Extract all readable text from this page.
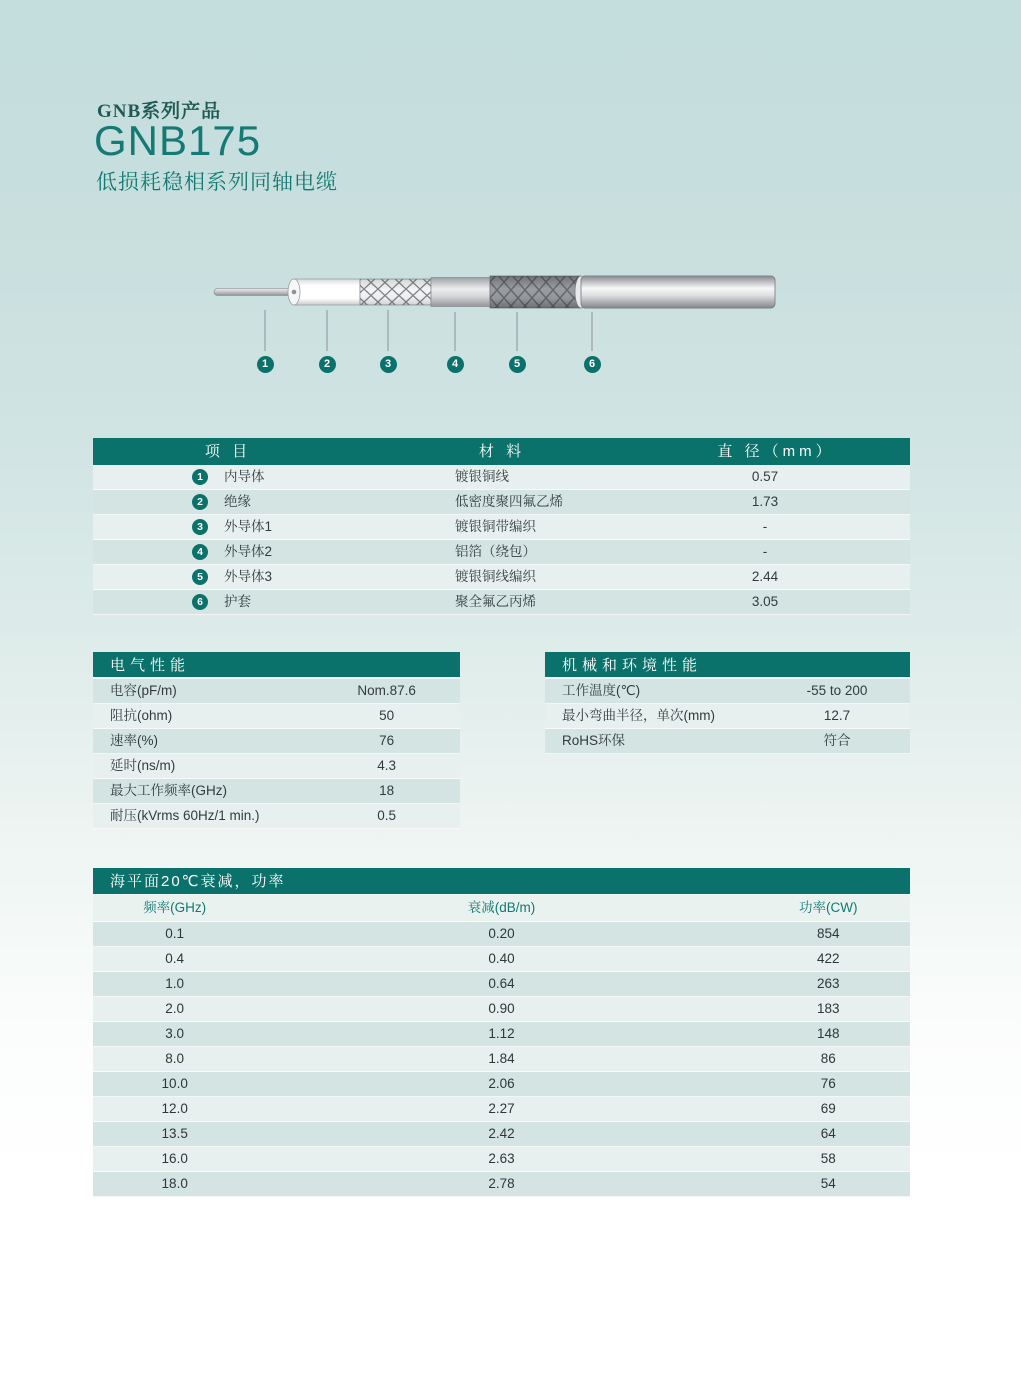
GNB系列产品
GNB175
低损耗稳相系列同轴电缆
1	2	3	4	5	6
项 目	材 料	直 径（mm）
1	内导体	镀银铜线	0.57
2	绝缘	低密度聚四氟乙烯	1.73
3	外导体1	镀银铜带编织	-
4	外导体2	铝箔（绕包）	-
5	外导体3	镀银铜线编织	2.44
6	护套	聚全氟乙丙烯	3.05
电气性能
电容(pF/m)	Nom.87.6
阻抗(ohm)	50
速率(%)	76
延时(ns/m)	4.3
最大工作频率(GHz)	18
耐压(kVrms 60Hz/1 min.)	0.5
机械和环境性能
工作温度(℃)	-55 to 200
最小弯曲半径，单次(mm)	12.7
RoHS环保	符合
海平面20℃衰减，功率
频率(GHz)	衰减(dB/m)	功率(CW)
0.1	0.20	854
0.4	0.40	422
1.0	0.64	263
2.0	0.90	183
3.0	1.12	148
8.0	1.84	86
10.0	2.06	76
12.0	2.27	69
13.5	2.42	64
16.0	2.63	58
18.0	2.78	54
